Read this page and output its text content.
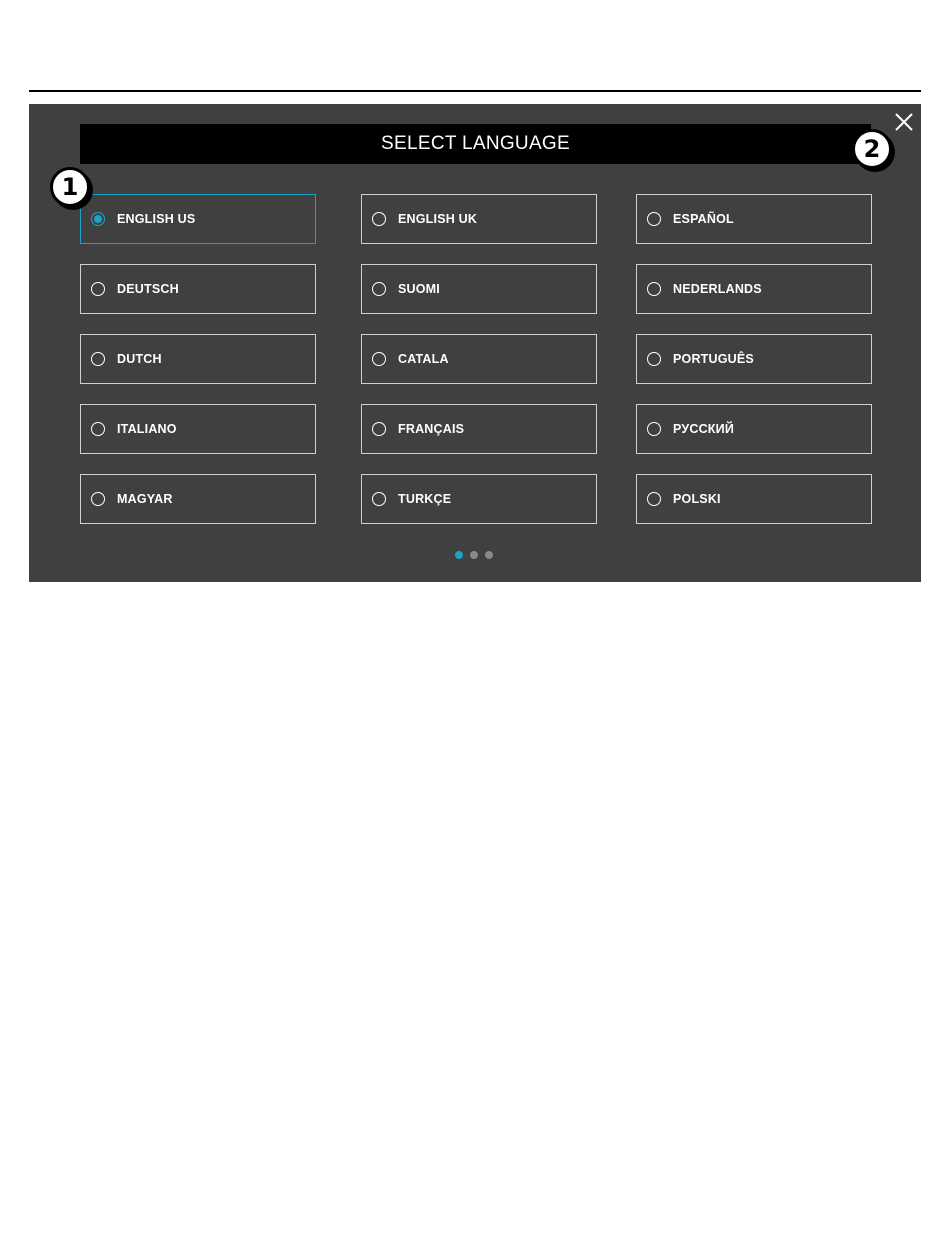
SELECT LANGUAGE
ENGLISH US	ENGLISH UK	ESPAÑOL
DEUTSCH	SUOMI	NEDERLANDS
DUTCH	CATALA	PORTUGUÊS
ITALIANO	FRANÇAIS	РУССКИЙ
MAGYAR	TURKÇE	POLSKI
1
2
